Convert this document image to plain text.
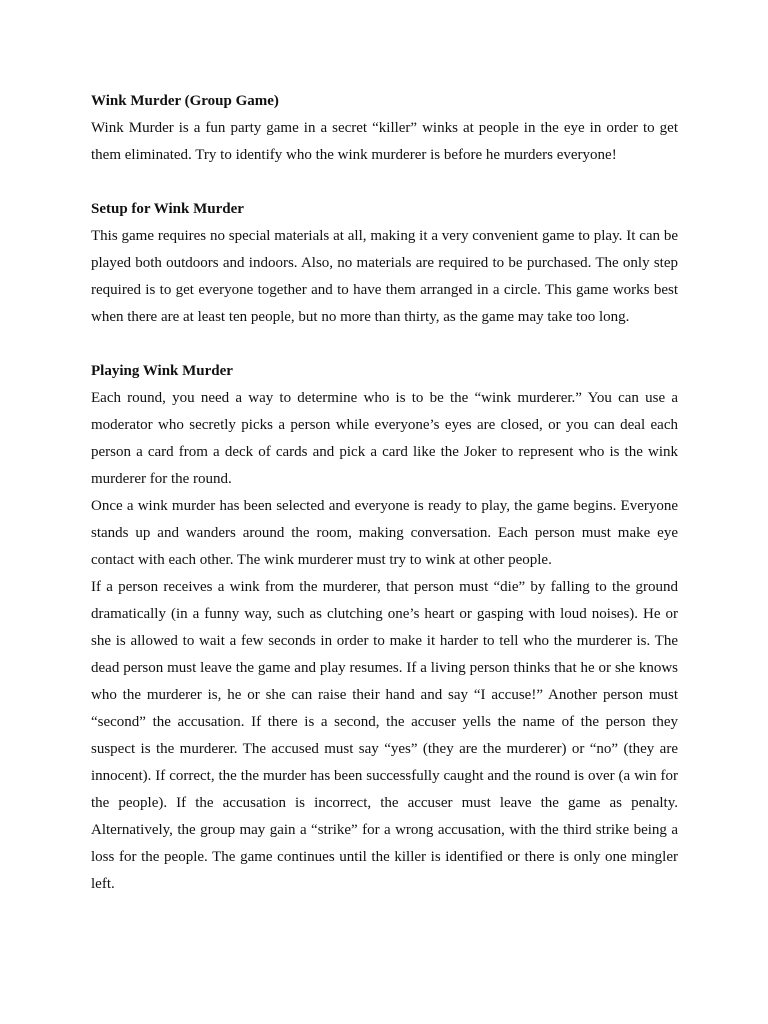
Wink Murder (Group Game)

Wink Murder is a fun party game in a secret “killer” winks at people in the eye in order to get them eliminated. Try to identify who the wink murderer is before he murders everyone!

Setup for Wink Murder

This game requires no special materials at all, making it a very convenient game to play. It can be played both outdoors and indoors. Also, no materials are required to be purchased. The only step required is to get everyone together and to have them arranged in a circle. This game works best when there are at least ten people, but no more than thirty, as the game may take too long.

Playing Wink Murder

Each round, you need a way to determine who is to be the “wink murderer.” You can use a moderator who secretly picks a person while everyone’s eyes are closed, or you can deal each person a card from a deck of cards and pick a card like the Joker to represent who is the wink murderer for the round.

Once a wink murder has been selected and everyone is ready to play, the game begins. Everyone stands up and wanders around the room, making conversation. Each person must make eye contact with each other. The wink murderer must try to wink at other people.

If a person receives a wink from the murderer, that person must “die” by falling to the ground dramatically (in a funny way, such as clutching one’s heart or gasping with loud noises). He or she is allowed to wait a few seconds in order to make it harder to tell who the murderer is. The dead person must leave the game and play resumes. If a living person thinks that he or she knows who the murderer is, he or she can raise their hand and say “I accuse!” Another person must “second” the accusation. If there is a second, the accuser yells the name of the person they suspect is the murderer. The accused must say “yes” (they are the murderer) or “no” (they are innocent). If correct, the the murder has been successfully caught and the round is over (a win for the people). If the accusation is incorrect, the accuser must leave the game as penalty. Alternatively, the group may gain a “strike” for a wrong accusation, with the third strike being a loss for the people. The game continues until the killer is identified or there is only one mingler left.
